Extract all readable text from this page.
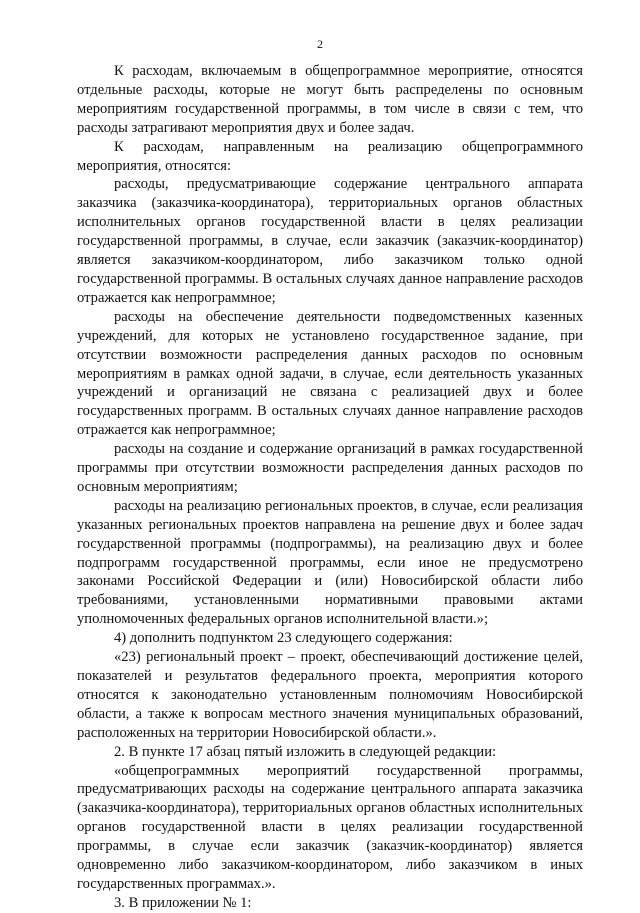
2

К расходам, включаемым в общепрограммное мероприятие, относятся отдельные расходы, которые не могут быть распределены по основным мероприятиям государственной программы, в том числе в связи с тем, что расходы затрагивают мероприятия двух и более задач.

К расходам, направленным на реализацию общепрограммного мероприятия, относятся:

расходы, предусматривающие содержание центрального аппарата заказчика (заказчика-координатора), территориальных органов областных исполнительных органов государственной власти в целях реализации государственной программы, в случае, если заказчик (заказчик-координатор) является заказчиком-координатором, либо заказчиком только одной государственной программы. В остальных случаях данное направление расходов отражается как непрограммное;

расходы на обеспечение деятельности подведомственных казенных учреждений, для которых не установлено государственное задание, при отсутствии возможности распределения данных расходов по основным мероприятиям в рамках одной задачи, в случае, если деятельность указанных учреждений и организаций не связана с реализацией двух и более государственных программ. В остальных случаях данное направление расходов отражается как непрограммное;

расходы на создание и содержание организаций в рамках государственной программы при отсутствии возможности распределения данных расходов по основным мероприятиям;

расходы на реализацию региональных проектов, в случае, если реализация указанных региональных проектов направлена на решение двух и более задач государственной программы (подпрограммы), на реализацию двух и более подпрограмм государственной программы, если иное не предусмотрено законами Российской Федерации и (или) Новосибирской области либо требованиями, установленными нормативными правовыми актами уполномоченных федеральных органов исполнительной власти.»;

4) дополнить подпунктом 23 следующего содержания:

«23) региональный проект – проект, обеспечивающий достижение целей, показателей и результатов федерального проекта, мероприятия которого относятся к законодательно установленным полномочиям Новосибирской области, а также к вопросам местного значения муниципальных образований, расположенных на территории Новосибирской области.».

2. В пункте 17 абзац пятый изложить в следующей редакции:

«общепрограммных мероприятий государственной программы, предусматривающих расходы на содержание центрального аппарата заказчика (заказчика-координатора), территориальных органов областных исполнительных органов государственной власти в целях реализации государственной программы, в случае если заказчик (заказчик-координатор) является одновременно либо заказчиком-координатором, либо заказчиком в иных государственных программах.».

3. В приложении № 1:
